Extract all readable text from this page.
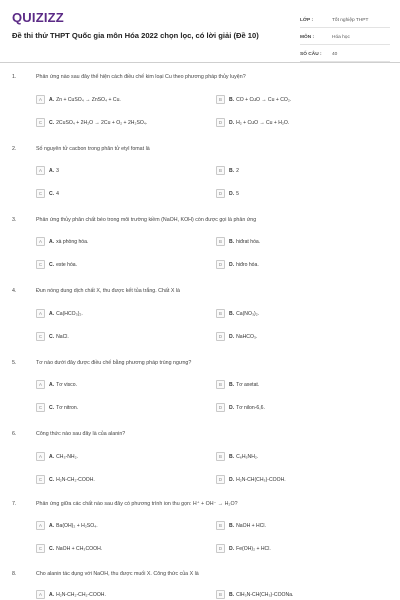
QUIZIZZ
Đề thi thử THPT Quốc gia môn Hóa 2022 chọn lọc, có lời giải (Đề 10)
LỚP :	Tốt nghiệp THPT
MÔN :	Hóa học
SỐ CÂU :	40
1.	Phản ứng nào sau đây thể hiện cách điều chế kim loại Cu theo phương pháp thủy luyện?
A	A. Zn + CuSO₄ → ZnSO₄ + Cu.	B	B. CO + CuO → Cu + CO₂.
C	C. 2CuSO₄ + 2H₂O → 2Cu + O₂ + 2H₂SO₄.	D	D. H₂ + CuO → Cu + H₂O.
2.	Số nguyên tử cacbon trong phân tử etyl fomat là
A	A. 3	B	B. 2
C	C. 4	D	D. 5
3.	Phản ứng thủy phân chất béo trong môi trường kiềm (NaOH, KOH) còn được gọi là phản ứng
A	A. xà phòng hóa.	B	B. hiđrat hóa.
C	C. este hóa.	D	D. hiđro hóa.
4.	Đun nóng dung dịch chất X, thu được kết tủa trắng. Chất X là
A	A. Ca(HCO₃)₂.	B	B. Ca(NO₃)₂.
C	C. NaCl.	D	D. NaHCO₃.
5.	Tơ nào dưới đây được điều chế bằng phương pháp trùng ngưng?
A	A. Tơ visco.	B	B. Tơ axetat.
C	C. Tơ nitron.	D	D. Tơ nilon-6,6.
6.	Công thức nào sau đây là của alanin?
A	A. CH₃-NH₂.	B	B. C₆H₅NH₂.
C	C. H₂N-CH₂-COOH.	D	D. H₂N-CH(CH₃)-COOH.
7.	Phản ứng giữa các chất nào sau đây có phương trình ion thu gọn: H⁺ + OH⁻ → H₂O?
A	A. Ba(OH)₂ + H₂SO₄.	B	B. NaOH + HCl.
C	C. NaOH + CH₃COOH.	D	D. Fe(OH)₂ + HCl.
8.	Cho alanin tác dụng với NaOH, thu được muối X. Công thức của X là
A	A. H₂N-CH₂-CH₂-COOH.	B	B. ClH₃N-CH(CH₃)-COONa.
